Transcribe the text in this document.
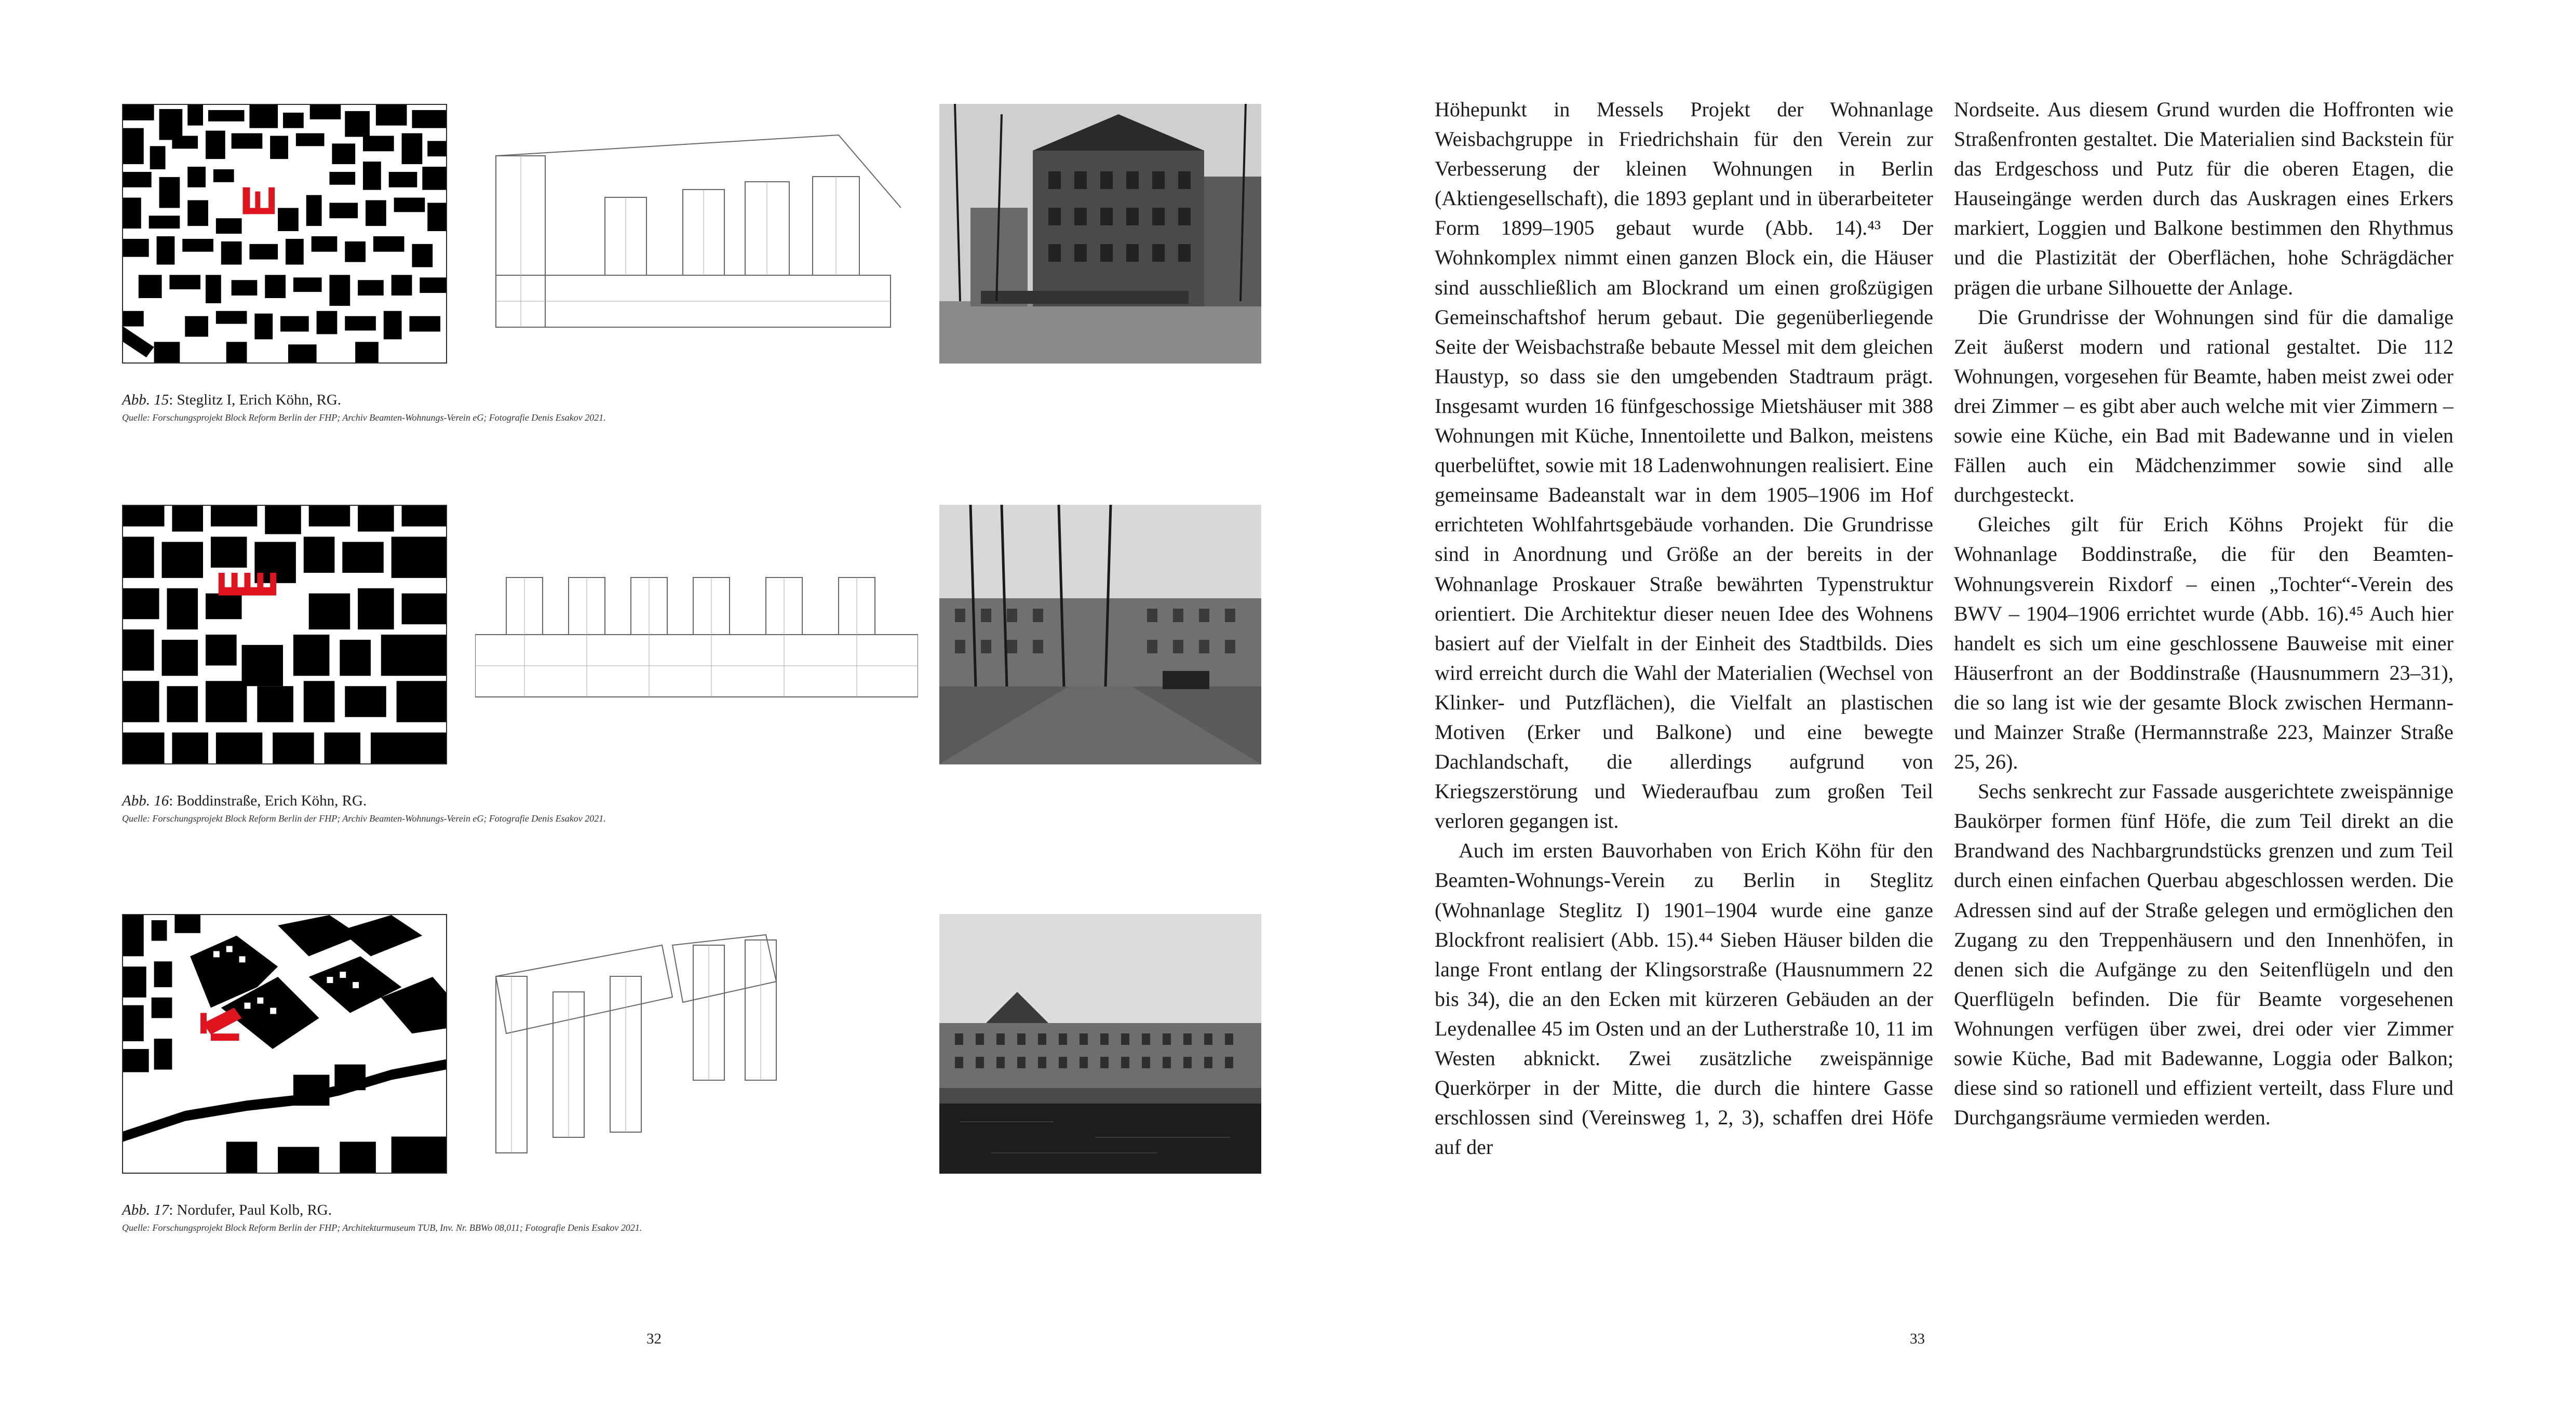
Abb. 15: Steglitz I, Erich Köhn, RG.
Quelle: Forschungsprojekt Block Reform Berlin der FHP; Archiv Beamten-Wohnungs-Verein eG; Fotografie Denis Esakov 2021.
Abb. 16: Boddinstraße, Erich Köhn, RG.
Quelle: Forschungsprojekt Block Reform Berlin der FHP; Archiv Beamten-Wohnungs-Verein eG; Fotografie Denis Esakov 2021.
Abb. 17: Nordufer, Paul Kolb, RG.
Quelle: Forschungsprojekt Block Reform Berlin der FHP; Architekturmuseum TUB, Inv. Nr. BBWo 08,011; Fotografie Denis Esakov 2021.
32

Höhepunkt in Messels Projekt der Wohnanlage Weisbachgruppe in Friedrichshain für den Verein zur Verbesserung der kleinen Wohnungen in Berlin (Aktiengesellschaft), die 1893 geplant und in überarbeiteter Form 1899–1905 gebaut wurde (Abb. 14).⁴³ Der Wohnkomplex nimmt einen ganzen Block ein, die Häuser sind ausschließlich am Blockrand um einen großzügigen Gemeinschaftshof herum gebaut. Die gegenüberliegende Seite der Weisbachstraße bebaute Messel mit dem gleichen Haustyp, so dass sie den umgebenden Stadtraum prägt. Insgesamt wurden 16 fünfgeschossige Mietshäuser mit 388 Wohnungen mit Küche, Innentoilette und Balkon, meistens querbelüftet, sowie mit 18 Ladenwohnungen realisiert. Eine gemeinsame Badeanstalt war in dem 1905–1906 im Hof errichteten Wohlfahrtsgebäude vorhanden. Die Grundrisse sind in Anordnung und Größe an der bereits in der Wohnanlage Proskauer Straße bewährten Typenstruktur orientiert. Die Architektur dieser neuen Idee des Wohnens basiert auf der Vielfalt in der Einheit des Stadtbilds. Dies wird erreicht durch die Wahl der Materialien (Wechsel von Klinker- und Putzflächen), die Vielfalt an plastischen Motiven (Erker und Balkone) und eine bewegte Dachlandschaft, die allerdings aufgrund von Kriegszerstörung und Wiederaufbau zum großen Teil verloren gegangen ist.

Auch im ersten Bauvorhaben von Erich Köhn für den Beamten-Wohnungs-Verein zu Berlin in Steglitz (Wohnanlage Steglitz I) 1901–1904 wurde eine ganze Blockfront realisiert (Abb. 15).⁴⁴ Sieben Häuser bilden die lange Front entlang der Klingsorstraße (Hausnummern 22 bis 34), die an den Ecken mit kürzeren Gebäuden an der Leydenallee 45 im Osten und an der Lutherstraße 10, 11 im Westen abknickt. Zwei zusätzliche zweispännige Querkörper in der Mitte, die durch die hintere Gasse erschlossen sind (Vereinsweg 1, 2, 3), schaffen drei Höfe auf der

Nordseite. Aus diesem Grund wurden die Hoffronten wie Straßenfronten gestaltet. Die Materialien sind Backstein für das Erdgeschoss und Putz für die oberen Etagen, die Hauseingänge werden durch das Auskragen eines Erkers markiert, Loggien und Balkone bestimmen den Rhythmus und die Plastizität der Oberflächen, hohe Schrägdächer prägen die urbane Silhouette der Anlage.

Die Grundrisse der Wohnungen sind für die damalige Zeit äußerst modern und rational gestaltet. Die 112 Wohnungen, vorgesehen für Beamte, haben meist zwei oder drei Zimmer – es gibt aber auch welche mit vier Zimmern – sowie eine Küche, ein Bad mit Badewanne und in vielen Fällen auch ein Mädchenzimmer sowie sind alle durchgesteckt.

Gleiches gilt für Erich Köhns Projekt für die Wohnanlage Boddinstraße, die für den Beamten-Wohnungsverein Rixdorf – einen „Tochter“-Verein des BWV – 1904–1906 errichtet wurde (Abb. 16).⁴⁵ Auch hier handelt es sich um eine geschlossene Bauweise mit einer Häuserfront an der Boddinstraße (Hausnummern 23–31), die so lang ist wie der gesamte Block zwischen Hermann- und Mainzer Straße (Hermannstraße 223, Mainzer Straße 25, 26).

Sechs senkrecht zur Fassade ausgerichtete zweispännige Baukörper formen fünf Höfe, die zum Teil direkt an die Brandwand des Nachbargrundstücks grenzen und zum Teil durch einen einfachen Querbau abgeschlossen werden. Die Adressen sind auf der Straße gelegen und ermöglichen den Zugang zu den Treppenhäusern und den Innenhöfen, in denen sich die Aufgänge zu den Seitenflügeln und den Querflügeln befinden. Die für Beamte vorgesehenen Wohnungen verfügen über zwei, drei oder vier Zimmer sowie Küche, Bad mit Badewanne, Loggia oder Balkon; diese sind so rationell und effizient verteilt, dass Flure und Durchgangsräume vermieden werden.

33
